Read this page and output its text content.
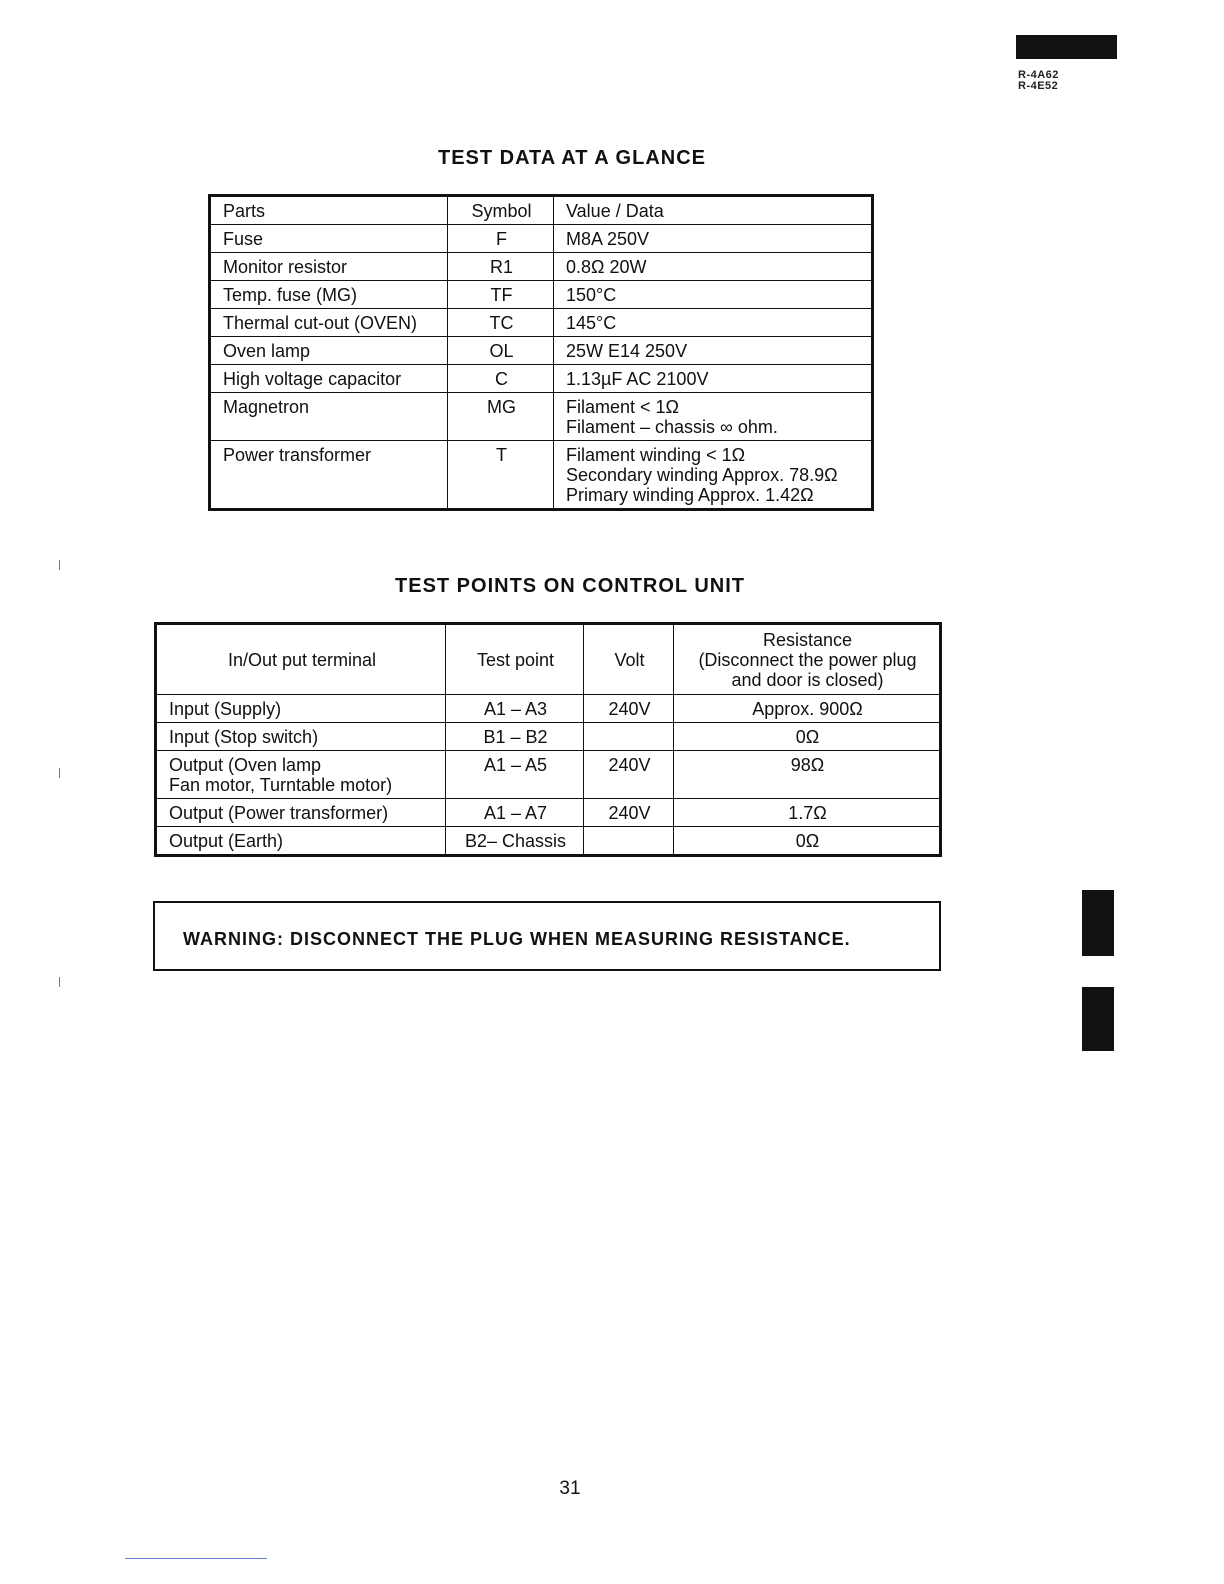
R-4A62
R-4E52
TEST DATA AT A GLANCE
Parts	Symbol	Value / Data
Fuse	F	M8A 250V
Monitor resistor	R1	0.8Ω 20W
Temp. fuse (MG)	TF	150°C
Thermal cut-out (OVEN)	TC	145°C
Oven lamp	OL	25W E14 250V
High voltage capacitor	C	1.13µF AC 2100V
Magnetron	MG	Filament < 1Ω
Filament – chassis ∞ ohm.
Power transformer	T	Filament winding < 1Ω
Secondary winding Approx. 78.9Ω
Primary winding Approx. 1.42Ω
TEST POINTS ON CONTROL UNIT
In/Out put terminal	Test point	Volt	Resistance
(Disconnect the power plug
and door is closed)
Input (Supply)	A1 – A3	240V	Approx. 900Ω
Input (Stop switch)	B1 – B2		0Ω
Output (Oven lamp
Fan motor, Turntable motor)	A1 – A5	240V	98Ω
Output (Power transformer)	A1 – A7	240V	1.7Ω
Output (Earth)	B2– Chassis		0Ω
WARNING: DISCONNECT THE PLUG WHEN MEASURING RESISTANCE.
31
